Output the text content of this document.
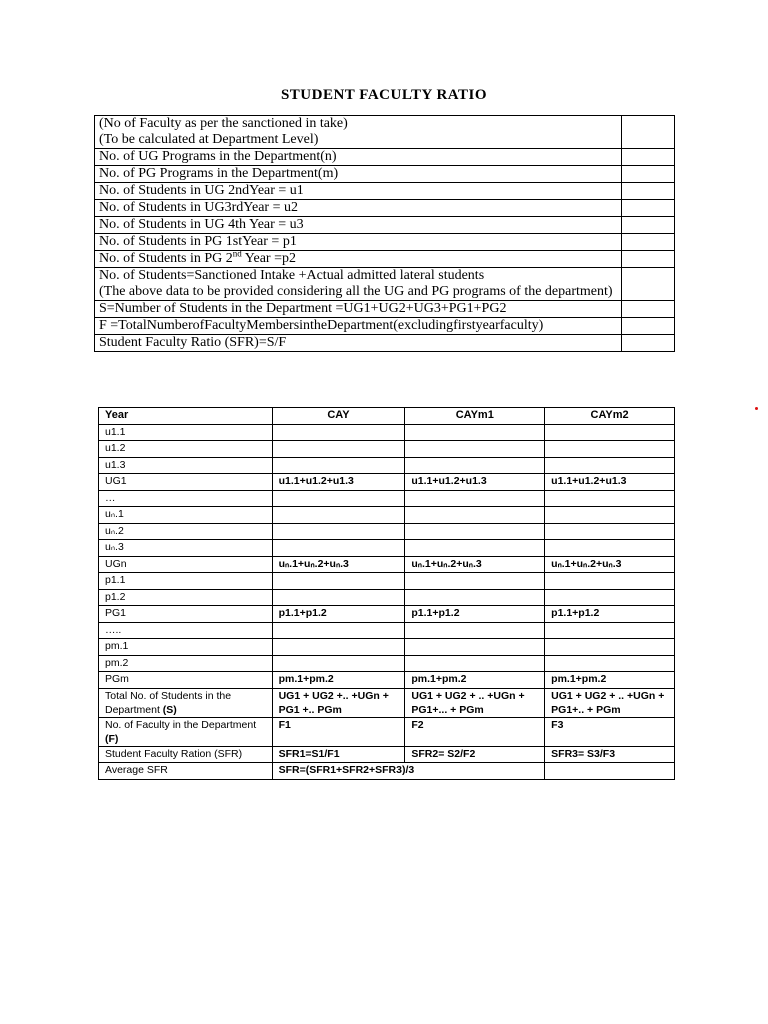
STUDENT FACULTY RATIO
(No of Faculty as per the sanctioned in take)
(To be calculated at Department Level)	

No. of UG Programs in the Department(n)	

No. of PG Programs in the Department(m)	

No. of Students in UG 2ndYear = u1	

No. of Students in UG3rdYear = u2	

No. of Students in UG 4th Year = u3	

No. of Students in PG 1stYear = p1	

No. of Students in PG 2nd Year =p2	

No. of Students=Sanctioned Intake +Actual admitted lateral students
(The above data to be provided considering all the UG and PG programs of the department)	

S=Number of Students in the Department =UG1+UG2+UG3+PG1+PG2	

F =TotalNumberofFacultyMembersintheDepartment(excludingfirstyearfaculty)	

Student Faculty Ratio (SFR)=S/F	

Year	CAY	CAYm1	CAYm2
u1.1			
u1.2			
u1.3			
UG1	u1.1+u1.2+u1.3	u1.1+u1.2+u1.3	u1.1+u1.2+u1.3
…			
uₙ.1			
uₙ.2			
uₙ.3			
UGn	uₙ.1+uₙ.2+uₙ.3	uₙ.1+uₙ.2+uₙ.3	uₙ.1+uₙ.2+uₙ.3
p1.1			
p1.2			
PG1	p1.1+p1.2	p1.1+p1.2	p1.1+p1.2
…..			
pm.1			
pm.2			
PGm	pm.1+pm.2	pm.1+pm.2	pm.1+pm.2
Total No. of Students in the Department (S)	UG1 + UG2 +.. +UGn + PG1 +.. PGm	UG1 + UG2 + .. +UGn + PG1+... + PGm	UG1 + UG2 + .. +UGn + PG1+.. + PGm
No. of Faculty in the Department (F)	F1	F2	F3
Student Faculty Ration (SFR)	SFR1=S1/F1	SFR2= S2/F2	SFR3= S3/F3
Average SFR	SFR=(SFR1+SFR2+SFR3)/3		
